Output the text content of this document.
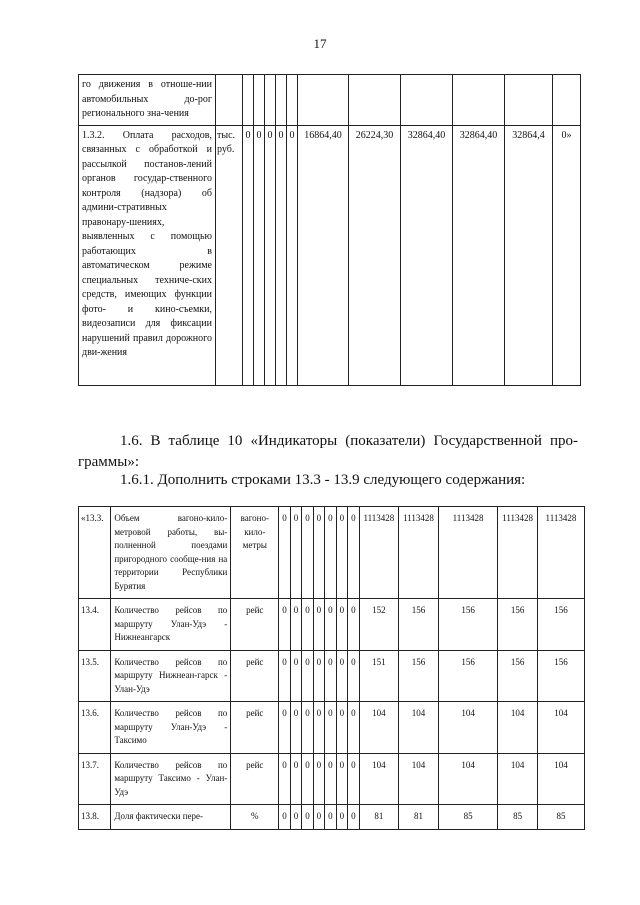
17
го движения в отноше-нии автомобильных до-рог регионального зна-чения												
1.3.2. Оплата расходов, связанных с обработкой и рассылкой постанов-лений органов государ-ственного контроля (надзора) об админи-стративных правонару-шениях, выявленных с помощью работающих в автоматическом режиме специальных техниче-ских средств, имеющих функции фото- и кино-съемки, видеозаписи для фиксации нарушений правил дорожного дви-жения	тыс. руб.	0	0	0	0	0	16864,40	26224,30	32864,40	32864,40	32864,4	0»
1.6. В таблице 10 «Индикаторы (показатели) Государственной про-граммы»:
1.6.1. Дополнить строками 13.3 - 13.9 следующего содержания:
«13.3.	Объем вагоно-кило-метровой работы, вы-полненной поездами пригородного сообще-ния на территории Республики Бурятия	вагоно-кило-метры	0	0	0	0	0	0	0	1113428	1113428	1113428	1113428	1113428
13.4.	Количество рейсов по маршруту Улан-Удэ - Нижнеангарск	рейс	0	0	0	0	0	0	0	152	156	156	156	156
13.5.	Количество рейсов по маршруту Нижнеан-гарск - Улан-Удэ	рейс	0	0	0	0	0	0	0	151	156	156	156	156
13.6.	Количество рейсов по маршруту Улан-Удэ - Таксимо	рейс	0	0	0	0	0	0	0	104	104	104	104	104
13.7.	Количество рейсов по маршруту Таксимо - Улан-Удэ	рейс	0	0	0	0	0	0	0	104	104	104	104	104
13.8.	Доля фактически пере-	%	0	0	0	0	0	0	0	81	81	85	85	85
